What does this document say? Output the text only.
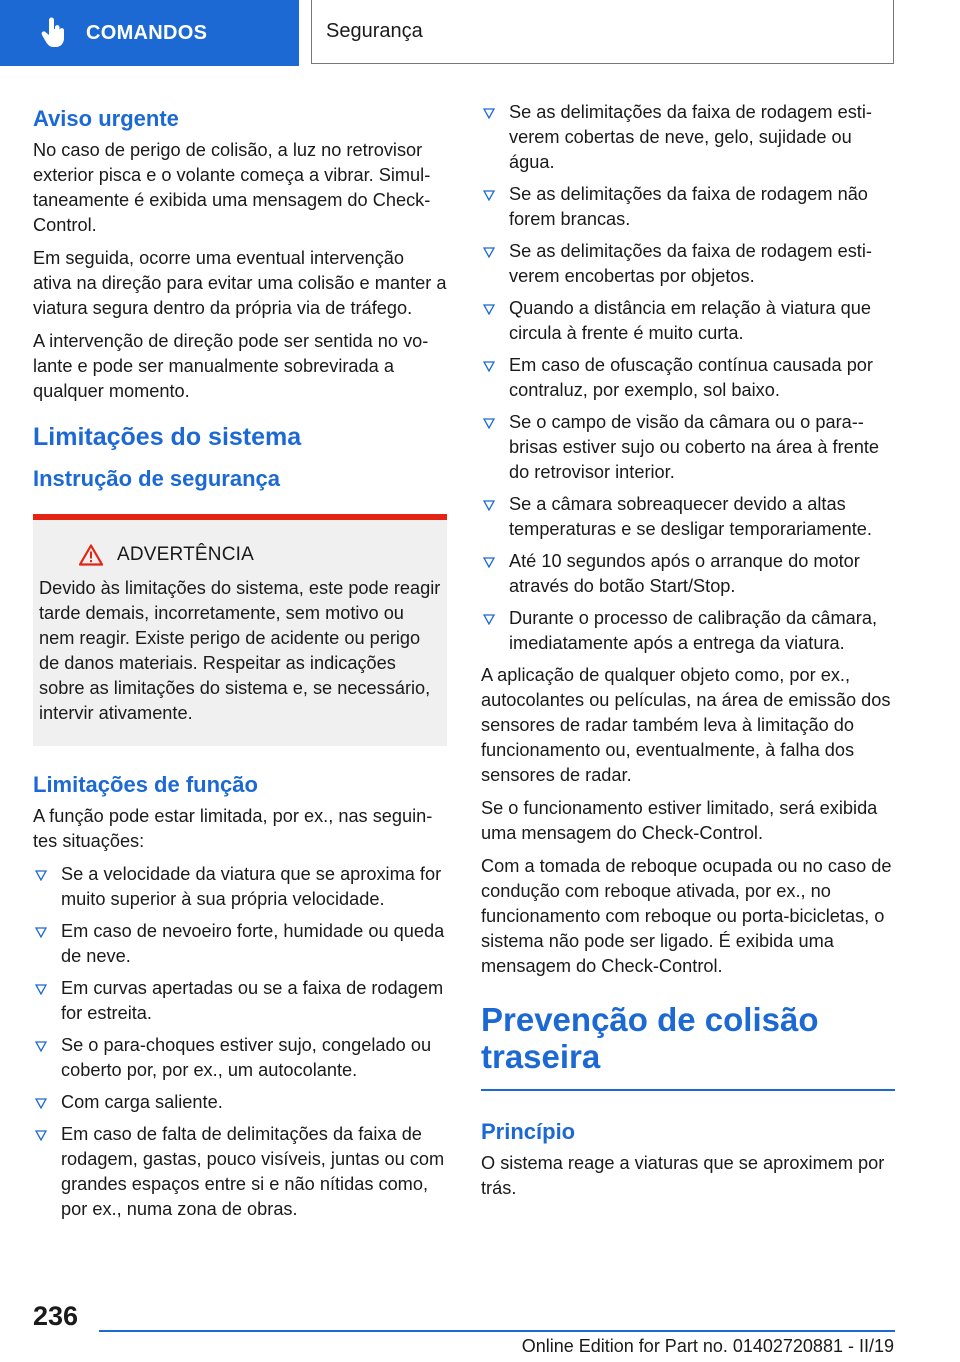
COMANDOS	Segurança
Aviso urgente

No caso de perigo de colisão, a luz no retrovisor exterior pisca e o volante começa a vibrar. Simultaneamente é exibida uma mensagem do Check-Control.

Em seguida, ocorre uma eventual intervenção ativa na direção para evitar uma colisão e manter a viatura segura dentro da própria via de tráfego.

A intervenção de direção pode ser sentida no volante e pode ser manualmente sobrevirada a qualquer momento.

Limitações do sistema
Instrução de segurança
ADVERTÊNCIA

Devido às limitações do sistema, este pode reagir tarde demais, incorretamente, sem motivo ou nem reagir. Existe perigo de acidente ou perigo de danos materiais. Respeitar as indicações sobre as limitações do sistema e, se necessário, intervir ativamente.

Limitações de função

A função pode estar limitada, por ex., nas seguintes situações:

Se a velocidade da viatura que se aproxima for muito superior à sua própria velocidade.
Em caso de nevoeiro forte, humidade ou queda de neve.
Em curvas apertadas ou se a faixa de rodagem for estreita.
Se o para-choques estiver sujo, congelado ou coberto por, por ex., um autocolante.
Com carga saliente.
Em caso de falta de delimitações da faixa de rodagem, gastas, pouco visíveis, juntas ou com grandes espaços entre si e não nítidas como, por ex., numa zona de obras.
Se as delimitações da faixa de rodagem estiverem cobertas de neve, gelo, sujidade ou água.
Se as delimitações da faixa de rodagem não forem brancas.
Se as delimitações da faixa de rodagem estiverem encobertas por objetos.
Quando a distância em relação à viatura que circula à frente é muito curta.
Em caso de ofuscação contínua causada por contraluz, por exemplo, sol baixo.
Se o campo de visão da câmara ou o para-brisas estiver sujo ou coberto na área à frente do retrovisor interior.
Se a câmara sobreaquecer devido a altas temperaturas e se desligar temporariamente.
Até 10 segundos após o arranque do motor através do botão Start/Stop.
Durante o processo de calibração da câmara, imediatamente após a entrega da viatura.

A aplicação de qualquer objeto como, por ex., autocolantes ou películas, na área de emissão dos sensores de radar também leva à limitação do funcionamento ou, eventualmente, à falha dos sensores de radar.

Se o funcionamento estiver limitado, será exibida uma mensagem do Check-Control.

Com a tomada de reboque ocupada ou no caso de condução com reboque ativada, por ex., no funcionamento com reboque ou porta-bicicletas, o sistema não pode ser ligado. É exibida uma mensagem do Check-Control.

Prevenção de colisão traseira
Princípio

O sistema reage a viaturas que se aproximem por trás.

236
Online Edition for Part no. 01402720881 - II/19
